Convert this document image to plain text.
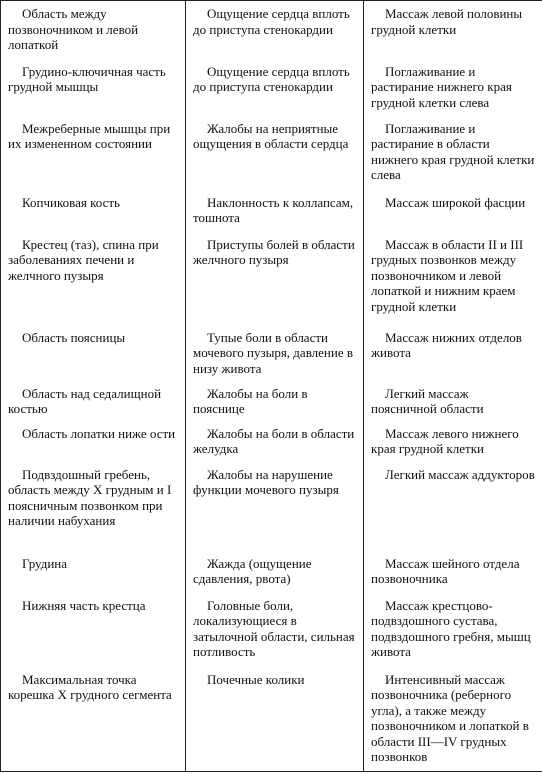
Область между позвоночником и левой лопаткой	Ощущение сердца вплоть до приступа стенокардии	Массаж левой половины грудной клетки
Грудино-ключичная часть грудной мышцы	Ощущение сердца вплоть до приступа стенокардии	Поглаживание и растирание нижнего края грудной клетки слева
Межреберные мышцы при их измененном состоянии	Жалобы на неприятные ощущения в области сердца	Поглаживание и растирание в области нижнего края грудной клетки слева
Копчиковая кость	Наклонность к коллапсам, тошнота	Массаж широкой фасции
Крестец (таз), спина при заболеваниях печени и желчного пузыря	Приступы болей в области желчного пузыря	Массаж в области II и III грудных позвонков между позвоночником и левой лопаткой и нижним краем грудной клетки
Область поясницы	Тупые боли в области мочевого пузыря, давление в низу живота	Массаж нижних отделов живота
Область над седалищной костью	Жалобы на боли в пояснице	Легкий массаж поясничной области
Область лопатки ниже ости	Жалобы на боли в области желудка	Массаж левого нижнего края грудной клетки
Подвздошный гребень, область между X грудным и I поясничным позвонком при наличии набухания	Жалобы на нарушение функции мочевого пузыря	Легкий массаж аддукторов
Грудина	Жажда (ощущение сдавления, рвота)	Массаж шейного отдела позвоночника
Нижняя часть крестца	Головные боли, локализующиеся в затылочной области, сильная потливость	Массаж крестцово-подвздошного сустава, подвздошного гребня, мышц живота
Максимальная точка корешка X грудного сегмента	Почечные колики	Интенсивный массаж позвоночника (реберного угла), а также между позвоночником и лопаткой в области III—IV грудных позвонков
